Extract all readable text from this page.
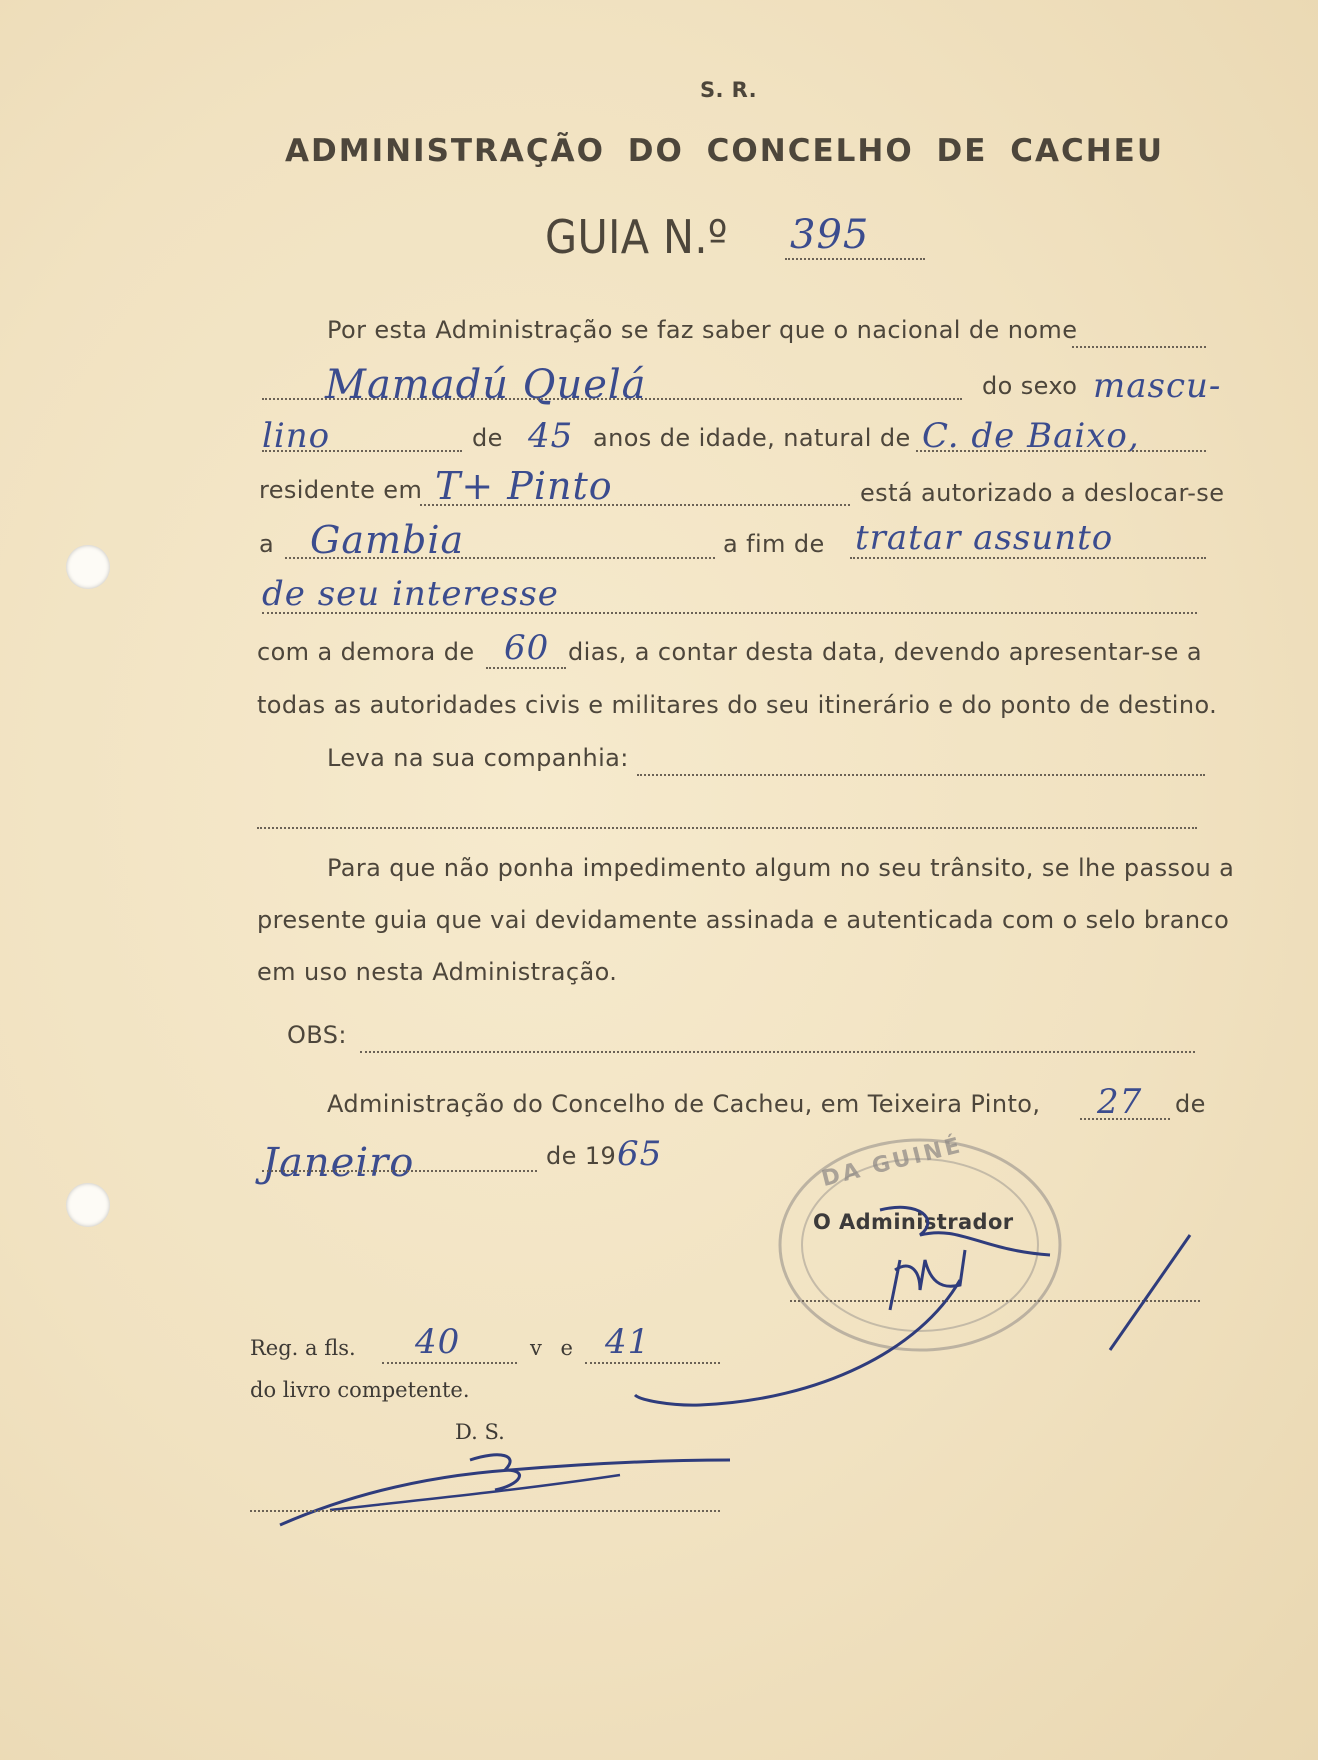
S. R.
ADMINISTRAÇÃO DO CONCELHO DE CACHEU
GUIA N.º 395
Por esta Administração se faz saber que o nacional de nome
Mamadú Quelá	do sexo mascu-
lino	de 45 anos de idade, natural de C. de Baixo,
residente em T+ Pinto	está autorizado a deslocar-se
a Gambia	a fim de tratar assunto
de seu interesse
com a demora de 60 dias, a contar desta data, devendo apresentar-se a
todas as autoridades civis e militares do seu itinerário e do ponto de destino.
Leva na sua companhia:
Para que não ponha impedimento algum no seu trânsito, se lhe passou a
presente guia que vai devidamente assinada e autenticada com o selo branco
em uso nesta Administração.
OBS:
Administração do Concelho de Cacheu, em Teixeira Pinto, 27 de
Janeiro	de 19 65	DA GUINÉ
O Administrador
Reg. a fls. 40	v e 41
do livro competente.
D. S.
